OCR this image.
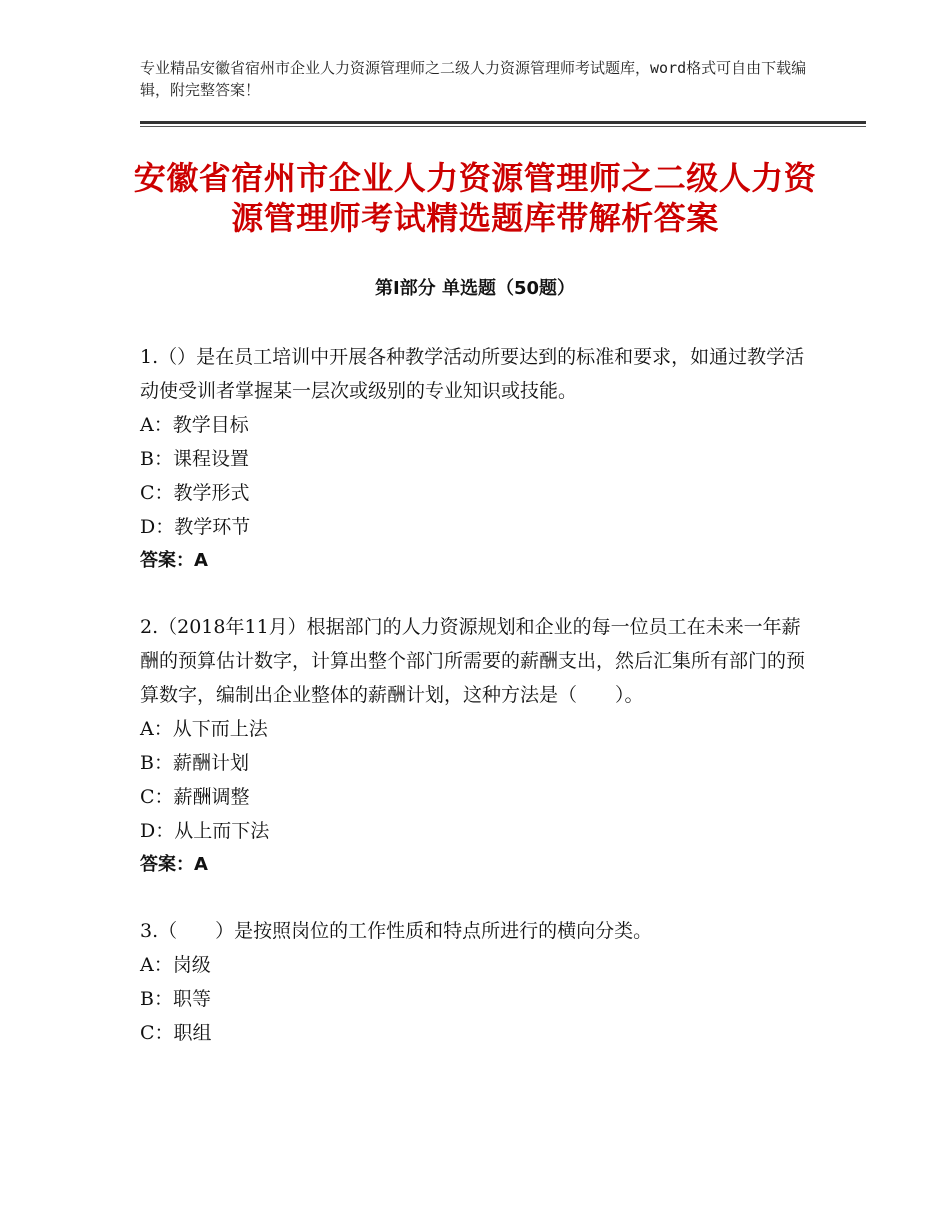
专业精品安徽省宿州市企业人力资源管理师之二级人力资源管理师考试题库，word格式可自由下载编辑，附完整答案！
安徽省宿州市企业人力资源管理师之二级人力资源管理师考试精选题库带解析答案
第Ⅰ部分 单选题（50题）

1.（）是在员工培训中开展各种教学活动所要达到的标准和要求，如通过教学活动使受训者掌握某一层次或级别的专业知识或技能。

A：教学目标

B：课程设置

C：教学形式

D：教学环节

答案：A

2.（2018年11月）根据部门的人力资源规划和企业的每一位员工在未来一年薪酬的预算估计数字，计算出整个部门所需要的薪酬支出，然后汇集所有部门的预算数字，编制出企业整体的薪酬计划，这种方法是（　　）。

A：从下而上法

B：薪酬计划

C：薪酬调整

D：从上而下法

答案：A

3.（　　）是按照岗位的工作性质和特点所进行的横向分类。

A：岗级

B：职等

C：职组
